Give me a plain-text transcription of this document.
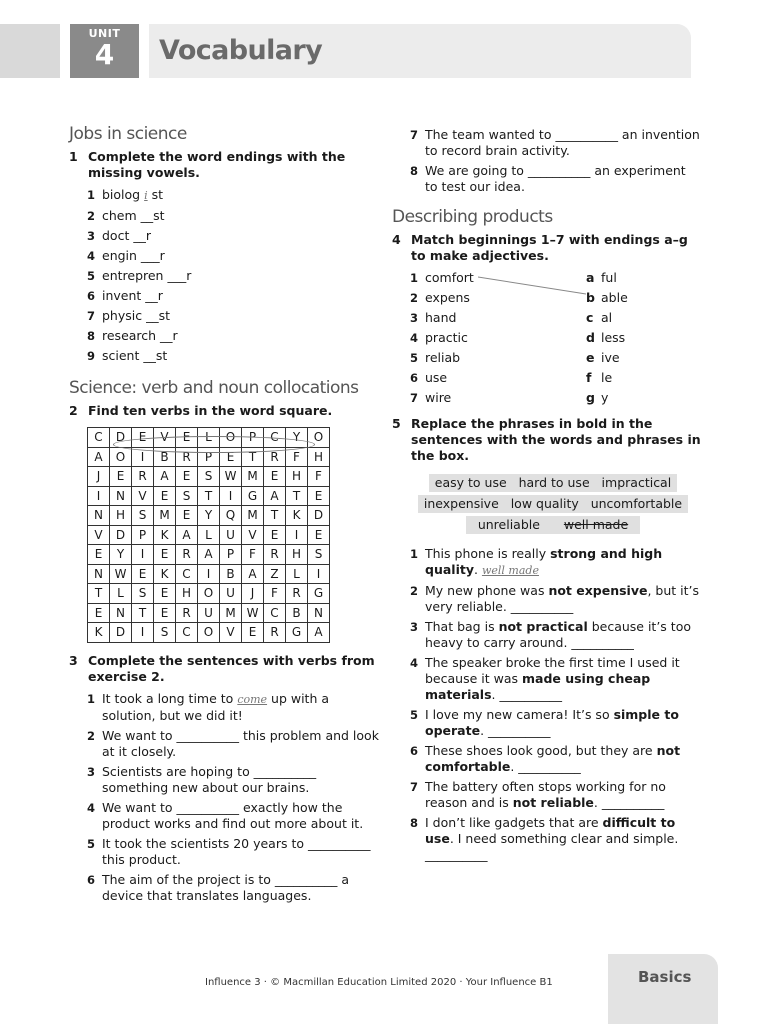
UNIT
4	Vocabulary
Jobs in science
1 Complete the word endings with the missing vowels.
1 biolog i st
2 chem __st
3 doct __r
4 engin ___r
5 entrepren ___r
6 invent __r
7 physic __st
8 research __r
9 scient __st
Science: verb and noun collocations
2 Find ten verbs in the word square.
C	D	E	V	E	L	O	P	C	Y	O
A	O	I	B	R	P	E	T	R	F	H
J	E	R	A	E	S	W	M	E	H	F
I	N	V	E	S	T	I	G	A	T	E
N	H	S	M	E	Y	Q	M	T	K	D
V	D	P	K	A	L	U	V	E	I	E
E	Y	I	E	R	A	P	F	R	H	S
N	W	E	K	C	I	B	A	Z	L	I
T	L	S	E	H	O	U	J	F	R	G
E	N	T	E	R	U	M	W	C	B	N
K	D	I	S	C	O	V	E	R	G	A
3 Complete the sentences with verbs from exercise 2.
1 It took a long time to come up with a solution, but we did it!
2 We want to __________ this problem and look at it closely.
3 Scientists are hoping to __________ something new about our brains.
4 We want to __________ exactly how the product works and find out more about it.
5 It took the scientists 20 years to __________ this product.
6 The aim of the project is to __________ a device that translates languages.
7 The team wanted to __________ an invention to record brain activity.
8 We are going to __________ an experiment to test our idea.
Describing products
4 Match beginnings 1–7 with endings a–g to make adjectives.
1 comfort	a ful
2 expens	b able
3 hand	c al
4 practic	d less
5 reliab	e ive
6 use	f le
7 wire	g y
5 Replace the phrases in bold in the sentences with the words and phrases in the box.
easy to use   hard to use   impractical
inexpensive   low quality   uncomfortable
unreliable well made
1 This phone is really strong and high quality. well made
2 My new phone was not expensive, but it’s very reliable. __________
3 That bag is not practical because it’s too heavy to carry around. __________
4 The speaker broke the first time I used it because it was made using cheap materials. __________
5 I love my new camera! It’s so simple to operate. __________
6 These shoes look good, but they are not comfortable. __________
7 The battery often stops working for no reason and is not reliable. __________
8 I don’t like gadgets that are difficult to use. I need something clear and simple. __________
Influence 3 · © Macmillan Education Limited 2020 · Your Influence B1	Basics
